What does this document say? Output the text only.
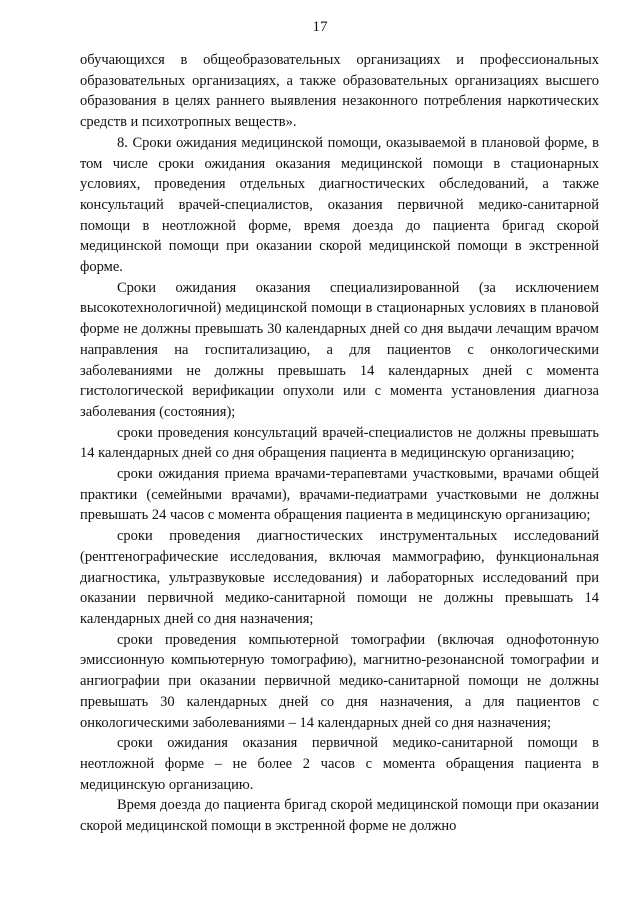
17

обучающихся в общеобразовательных организациях и профессиональных образовательных организациях, а также образовательных организациях высшего образования в целях раннего выявления незаконного потребления наркотических средств и психотропных веществ».

8. Сроки ожидания медицинской помощи, оказываемой в плановой форме, в том числе сроки ожидания оказания медицинской помощи в стационарных условиях, проведения отдельных диагностических обследований, а также консультаций врачей-специалистов, оказания первичной медико-санитарной помощи в неотложной форме, время доезда до пациента бригад скорой медицинской помощи при оказании скорой медицинской помощи в экстренной форме.

Сроки ожидания оказания специализированной (за исключением высокотехнологичной) медицинской помощи в стационарных условиях в плановой форме не должны превышать 30 календарных дней со дня выдачи лечащим врачом направления на госпитализацию, а для пациентов с онкологическими заболеваниями не должны превышать 14 календарных дней с момента гистологической верификации опухоли или с момента установления диагноза заболевания (состояния);

сроки проведения консультаций врачей-специалистов не должны превышать 14 календарных дней со дня обращения пациента в медицинскую организацию;

сроки ожидания приема врачами-терапевтами участковыми, врачами общей практики (семейными врачами), врачами-педиатрами участковыми не должны превышать 24 часов с момента обращения пациента в медицинскую организацию;

сроки проведения диагностических инструментальных исследований (рентгенографические исследования, включая маммографию, функциональная диагностика, ультразвуковые исследования) и лабораторных исследований при оказании первичной медико-санитарной помощи не должны превышать 14 календарных дней со дня назначения;

сроки проведения компьютерной томографии (включая однофотонную эмиссионную компьютерную томографию), магнитно-резонансной томографии и ангиографии при оказании первичной медико-санитарной помощи не должны превышать 30 календарных дней со дня назначения, а для пациентов с онкологическими заболеваниями – 14 календарных дней со дня назначения;

сроки ожидания оказания первичной медико-санитарной помощи в неотложной форме – не более 2 часов с момента обращения пациента в медицинскую организацию.

Время доезда до пациента бригад скорой медицинской помощи при оказании скорой медицинской помощи в экстренной форме не должно
